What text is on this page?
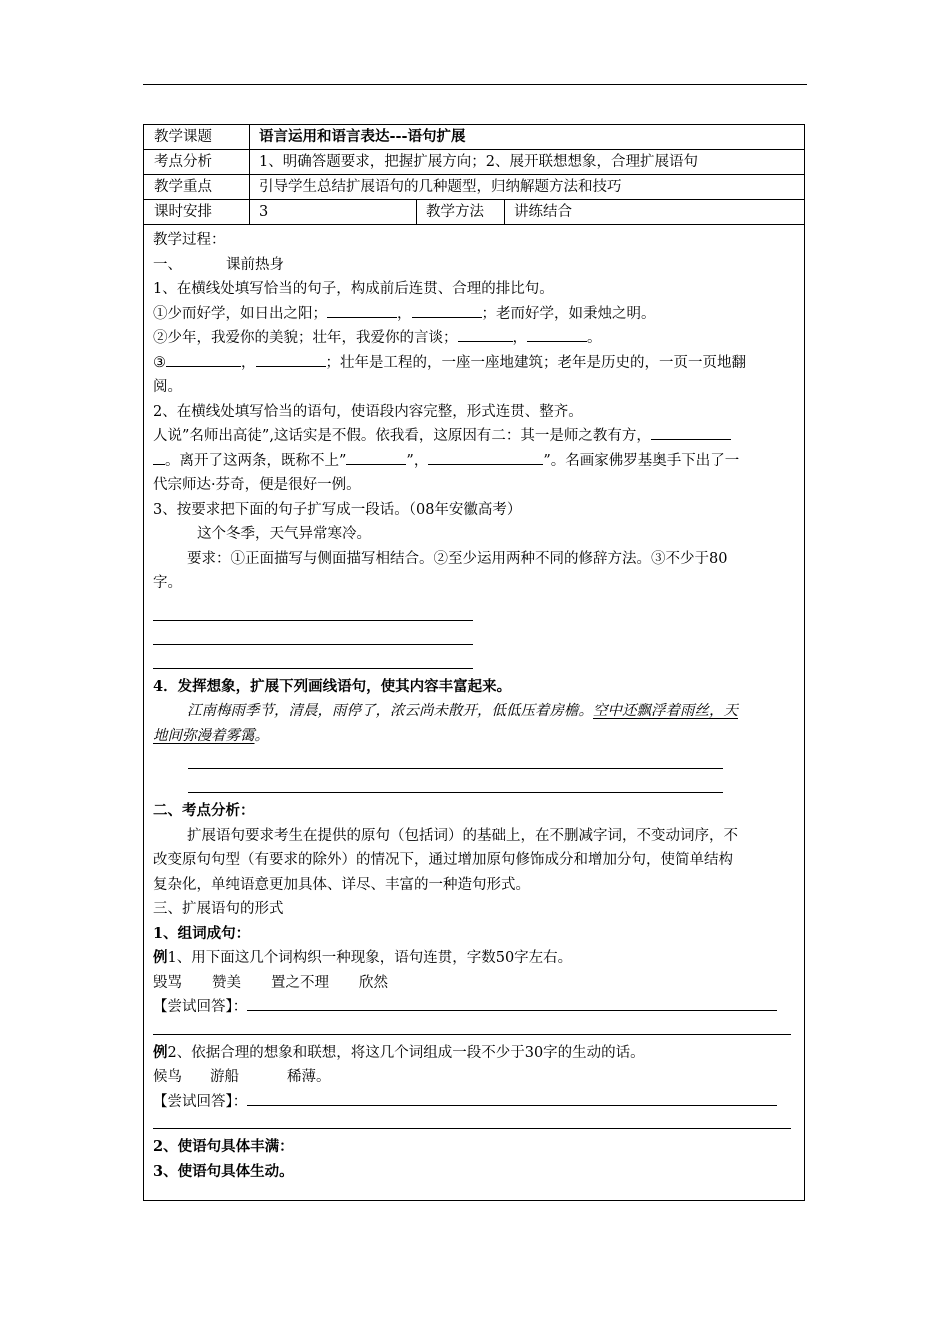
教学课题	语言运用和语言表达---语句扩展
考点分析	1、明确答题要求，把握扩展方向；2、展开联想想象，合理扩展语句
教学重点	引导学生总结扩展语句的几种题型，归纳解题方法和技巧
课时安排	3	教学方法	讲练结合

教学过程：

一、	课前热身

1、在横线处填写恰当的句子，构成前后连贯、合理的排比句。

①少而好学，如日出之阳；	，	；老而好学，如秉烛之明。

②少年，我爱你的美貌；壮年，我爱你的言谈；	，	。

③	，	；壮年是工程的，一座一座地建筑；老年是历史的，一页一页地翻

阅。

2、在横线处填写恰当的语句，使语段内容完整，形式连贯、整齐。

人说”名师出高徒”,这话实是不假。依我看，这原因有二：其一是师之教有方，

。离开了这两条，既称不上”	”，	”。名画家佛罗基奥手下出了一

代宗师达·芬奇，便是很好一例。

3、按要求把下面的句子扩写成一段话。（08年安徽高考）

这个冬季，天气异常寒冷。

要求：①正面描写与侧面描写相结合。②至少运用两种不同的修辞方法。③不少于80

字。

4．发挥想象，扩展下列画线语句，使其内容丰富起来。

江南梅雨季节，清晨，雨停了，浓云尚未散开，低低压着房檐。空中还飘浮着雨丝，天

地间弥漫着雾霭。

二、考点分析：

扩展语句要求考生在提供的原句（包括词）的基础上，在不删减字词，不变动词序，不

改变原句句型（有要求的除外）的情况下，通过增加原句修饰成分和增加分句，使简单结构

复杂化，单纯语意更加具体、详尽、丰富的一种造句形式。

三、扩展语句的形式

1、组词成句：

例1、用下面这几个词构织一种现象，语句连贯，字数50字左右。

毁骂 赞美 置之不理 欣然

【尝试回答】：

例2、依据合理的想象和联想，将这几个词组成一段不少于30字的生动的话。

候鸟 游船	稀薄。

【尝试回答】：

2、使语句具体丰满：

3、使语句具体生动。
